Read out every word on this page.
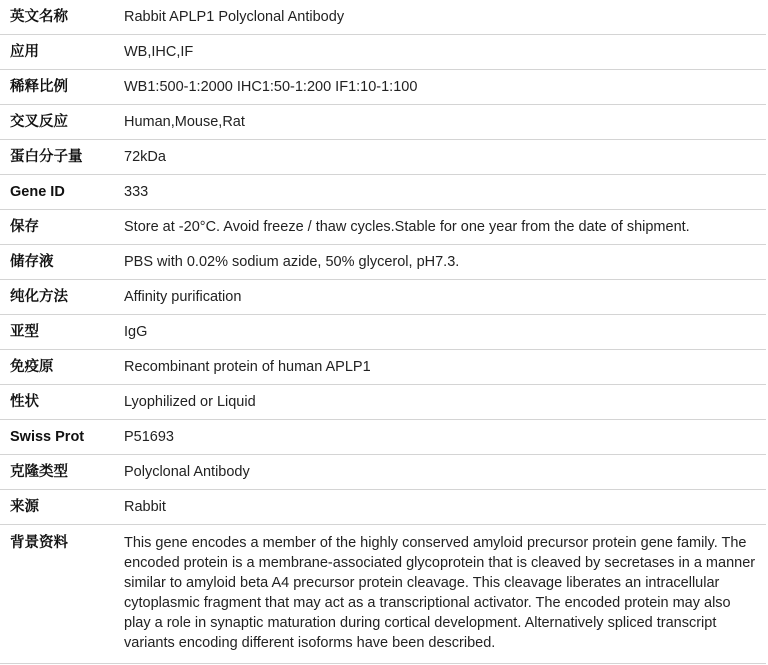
英文名称	Rabbit APLP1 Polyclonal Antibody
应用	WB,IHC,IF
稀释比例	WB1:500-1:2000 IHC1:50-1:200 IF1:10-1:100
交叉反应	Human,Mouse,Rat
蛋白分子量	72kDa
Gene ID	333
保存	Store at -20°C. Avoid freeze / thaw cycles.Stable for one year from the date of shipment.
储存液	PBS with 0.02% sodium azide, 50% glycerol, pH7.3.
纯化方法	Affinity purification
亚型	IgG
免疫原	Recombinant protein of human APLP1
性状	Lyophilized or Liquid
Swiss Prot	P51693
克隆类型	Polyclonal Antibody
来源	Rabbit
背景资料	This gene encodes a member of the highly conserved amyloid precursor protein gene family. The encoded protein is a membrane-associated glycoprotein that is cleaved by secretases in a manner similar to amyloid beta A4 precursor protein cleavage. This cleavage liberates an intracellular cytoplasmic fragment that may act as a transcriptional activator. The encoded protein may also play a role in synaptic maturation during cortical development. Alternatively spliced transcript variants encoding different isoforms have been described.
